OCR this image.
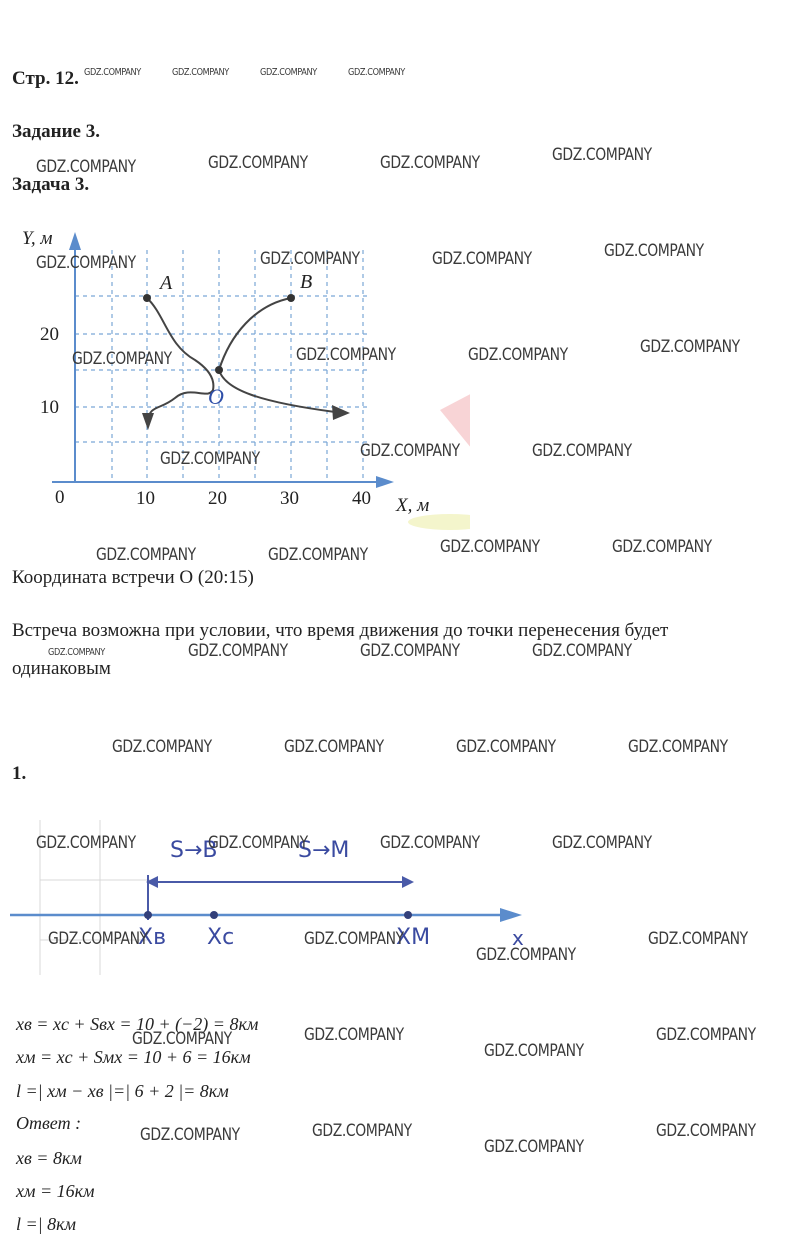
Стр. 12.
Задание 3.
Задача 3.
Y, м
X, м
20
10
0	10	20	30	40
A	B
O
Координата встречи О (20:15)
Встреча возможна при условии, что время движения до точки перенесения будет
одинаковым
1.
S→B	S→M
Xв Xc	XM	x
xв = xс + Sвх = 10 + (−2) = 8км
xм = xс + Sмх = 10 + 6 = 16км
l =| xм − xв |=| 6 + 2 |= 8км
Ответ :
xв = 8км
xм = 16км
l =| 8км
GDZ.COMPANY	GDZ.COMPANY	GDZ.COMPANY	GDZ.COMPANY
GDZ.COMPANY	GDZ.COMPANY	GDZ.COMPANY	GDZ.COMPANY
GDZ.COMPANY	GDZ.COMPANY	GDZ.COMPANY	GDZ.COMPANY
GDZ.COMPANY	GDZ.COMPANY	GDZ.COMPANY	GDZ.COMPANY
GDZ.COMPANY	GDZ.COMPANY
GDZ.COMPANY
GDZ.COMPANY	GDZ.COMPANY	GDZ.COMPANY	GDZ.COMPANY
GDZ.COMPANY	GDZ.COMPANY	GDZ.COMPANY	GDZ.COMPANY
GDZ.COMPANY	GDZ.COMPANY	GDZ.COMPANY	GDZ.COMPANY
GDZ.COMPANY	GDZ.COMPANY	GDZ.COMPANY	GDZ.COMPANY
GDZ.COMPANY	GDZ.COMPANY	GDZ.COMPANY
GDZ.COMPANY
GDZ.COMPANY	GDZ.COMPANY
GDZ.COMPANY
GDZ.COMPANY
GDZ.COMPANY	GDZ.COMPANY	GDZ.COMPANY
GDZ.COMPANY
